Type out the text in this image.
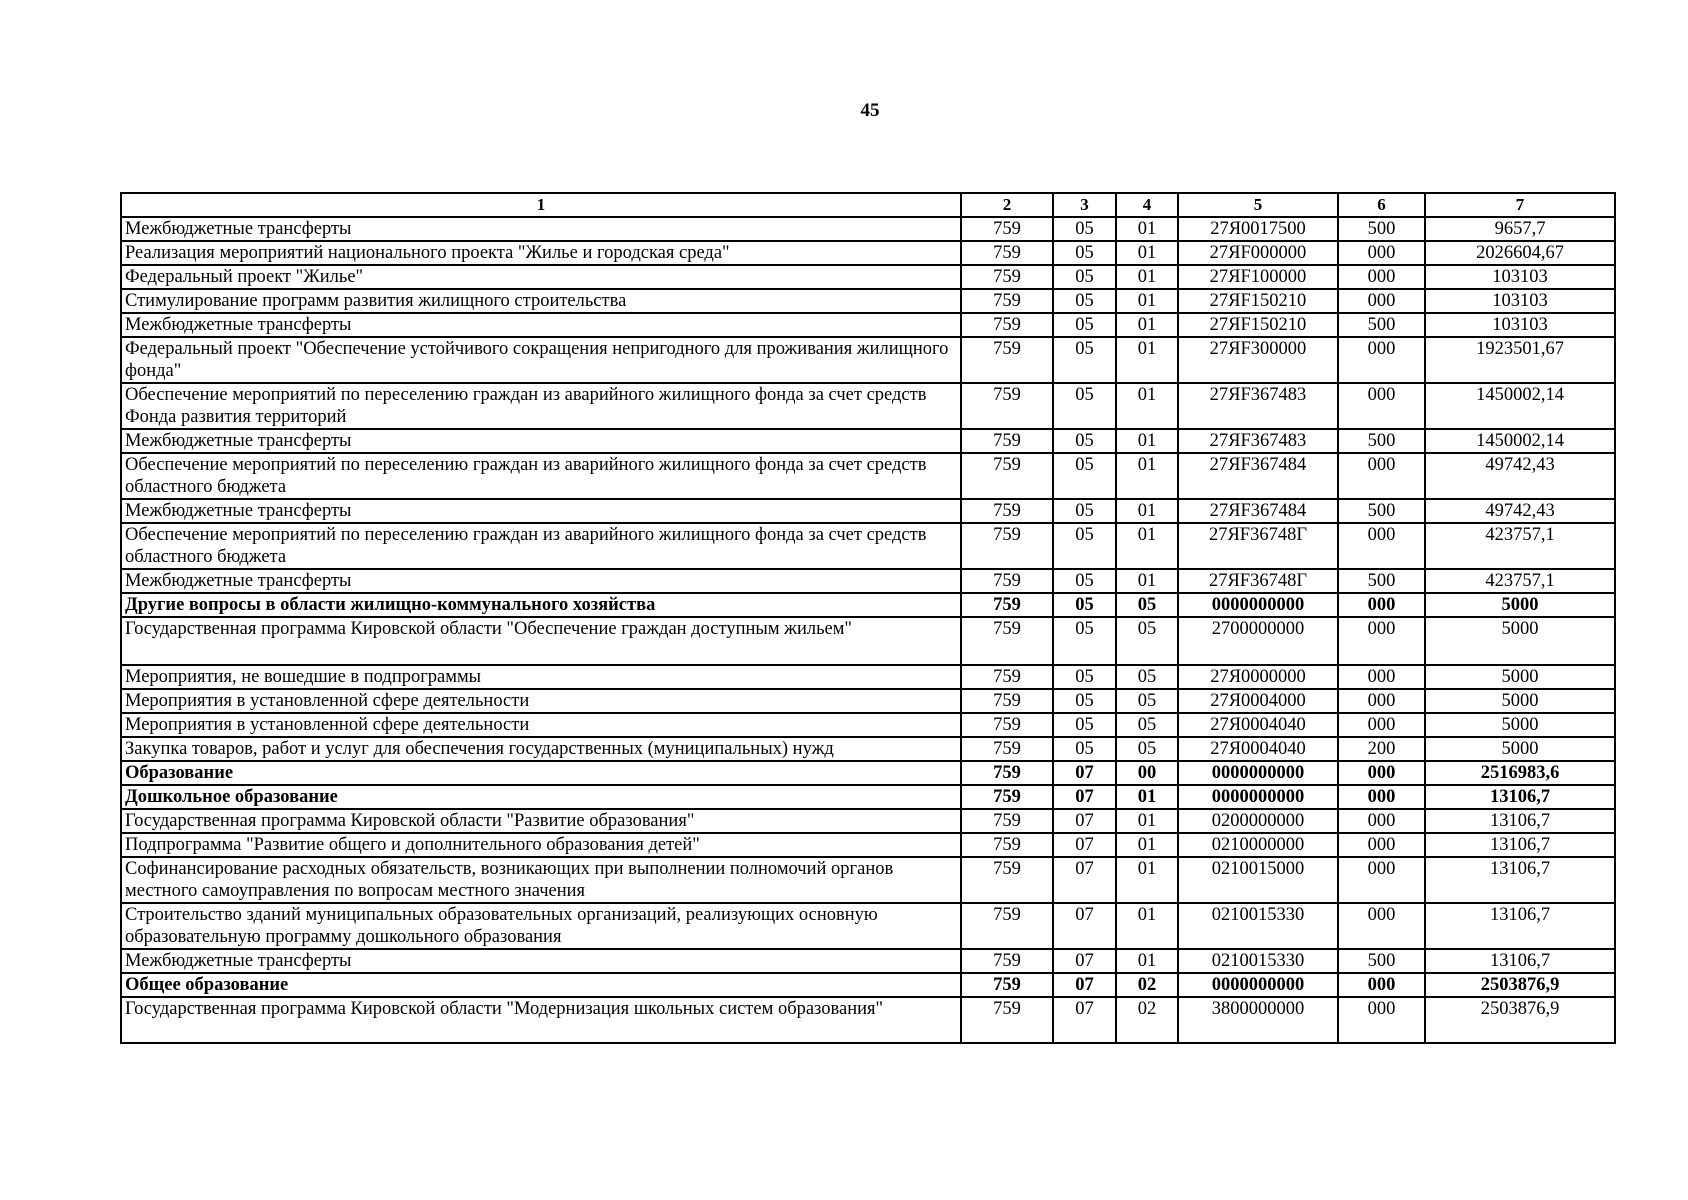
45
1	2	3	4	5	6	7
Межбюджетные трансферты	759	05	01	27Я0017500	500	9657,7
Реализация мероприятий национального проекта "Жилье и городская среда"	759	05	01	27ЯF000000	000	2026604,67
Федеральный проект "Жилье"	759	05	01	27ЯF100000	000	103103
Стимулирование программ развития жилищного строительства	759	05	01	27ЯF150210	000	103103
Межбюджетные трансферты	759	05	01	27ЯF150210	500	103103
Федеральный проект "Обеспечение устойчивого сокращения непригодного для проживания жилищного фонда"	759	05	01	27ЯF300000	000	1923501,67
Обеспечение мероприятий по переселению граждан из аварийного жилищного фонда за счет средств Фонда развития территорий	759	05	01	27ЯF367483	000	1450002,14
Межбюджетные трансферты	759	05	01	27ЯF367483	500	1450002,14
Обеспечение мероприятий по переселению граждан из аварийного жилищного фонда за счет средств областного бюджета	759	05	01	27ЯF367484	000	49742,43
Межбюджетные трансферты	759	05	01	27ЯF367484	500	49742,43
Обеспечение мероприятий по переселению граждан из аварийного жилищного фонда за счет средств областного бюджета	759	05	01	27ЯF36748Г	000	423757,1
Межбюджетные трансферты	759	05	01	27ЯF36748Г	500	423757,1
Другие вопросы в области жилищно-коммунального хозяйства	759	05	05	0000000000	000	5000
Государственная программа Кировской области "Обеспечение граждан доступным жильем"	759	05	05	2700000000	000	5000
Мероприятия, не вошедшие в подпрограммы	759	05	05	27Я0000000	000	5000
Мероприятия в установленной сфере деятельности	759	05	05	27Я0004000	000	5000
Мероприятия в установленной сфере деятельности	759	05	05	27Я0004040	000	5000
Закупка товаров, работ и услуг для обеспечения государственных (муниципальных) нужд	759	05	05	27Я0004040	200	5000
Образование	759	07	00	0000000000	000	2516983,6
Дошкольное образование	759	07	01	0000000000	000	13106,7
Государственная программа Кировской области "Развитие образования"	759	07	01	0200000000	000	13106,7
Подпрограмма "Развитие общего и дополнительного образования детей"	759	07	01	0210000000	000	13106,7
Софинансирование расходных обязательств, возникающих при выполнении полномочий органов местного самоуправления по вопросам местного значения	759	07	01	0210015000	000	13106,7
Строительство зданий муниципальных образовательных организаций, реализующих основную образовательную программу дошкольного образования	759	07	01	0210015330	000	13106,7
Межбюджетные трансферты	759	07	01	0210015330	500	13106,7
Общее образование	759	07	02	0000000000	000	2503876,9
Государственная программа Кировской области "Модернизация школьных систем образования"	759	07	02	3800000000	000	2503876,9
